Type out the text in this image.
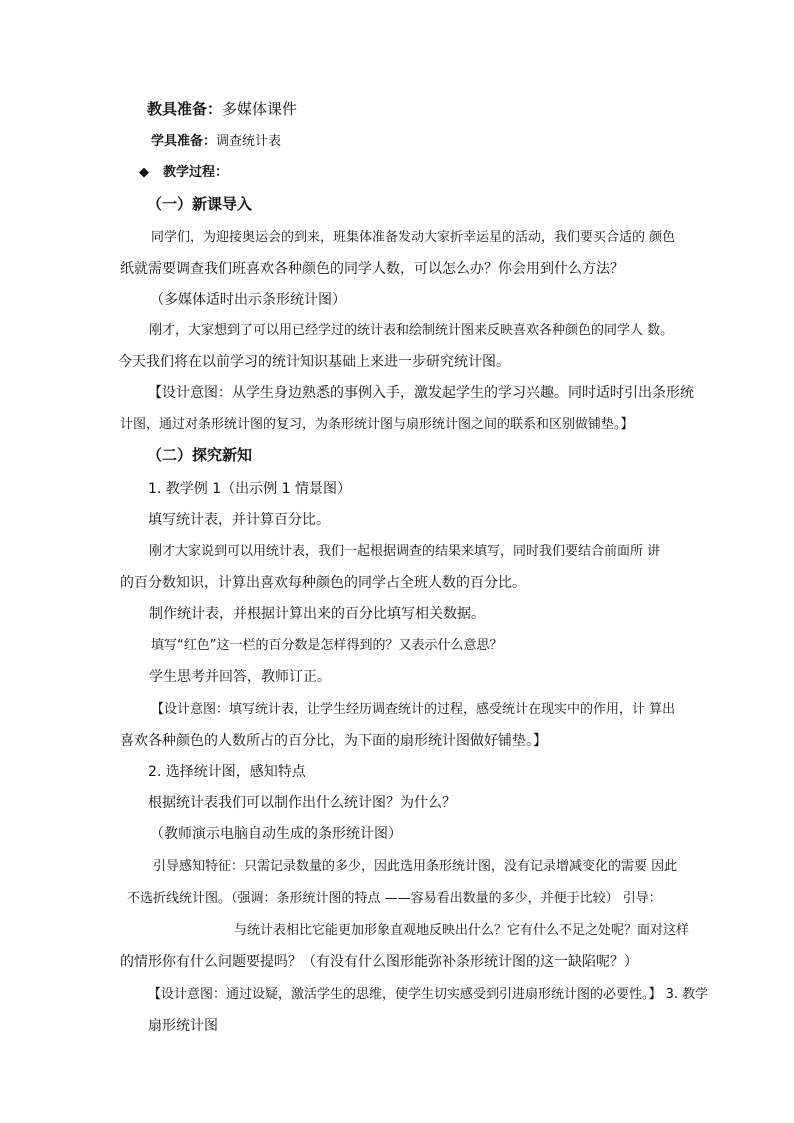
教具准备：多媒体课件
学具准备：调查统计表
◆ 教学过程：
（一）新课导入
同学们，为迎接奥运会的到来，班集体准备发动大家折幸运星的活动，我们要买合适的 颜色
纸就需要调查我们班喜欢各种颜色的同学人数，可以怎么办？你会用到什么方法？
（多媒体适时出示条形统计图）
刚才，大家想到了可以用已经学过的统计表和绘制统计图来反映喜欢各种颜色的同学人 数。
今天我们将在以前学习的统计知识基础上来进一步研究统计图。
【设计意图：从学生身边熟悉的事例入手，激发起学生的学习兴趣。同时适时引出条形统
计图，通过对条形统计图的复习，为条形统计图与扇形统计图之间的联系和区别做铺垫。】
（二）探究新知
1. 教学例 1（出示例 1 情景图）
填写统计表，并计算百分比。
刚才大家说到可以用统计表，我们一起根据调查的结果来填写，同时我们要结合前面所 讲
的百分数知识，计算出喜欢每种颜色的同学占全班人数的百分比。
制作统计表，并根据计算出来的百分比填写相关数据。
填写“红色”这一栏的百分数是怎样得到的？又表示什么意思？
学生思考并回答，教师订正。
【设计意图：填写统计表，让学生经历调查统计的过程，感受统计在现实中的作用，计 算出
喜欢各种颜色的人数所占的百分比，为下面的扇形统计图做好铺垫。】
2. 选择统计图，感知特点
根据统计表我们可以制作出什么统计图？为什么？
（教师演示电脑自动生成的条形统计图）
引导感知特征：只需记录数量的多少，因此选用条形统计图，没有记录增减变化的需要 因此
不选折线统计图。（强调：条形统计图的特点 ——容易看出数量的多少，并便于比较） 引导：
与统计表相比它能更加形象直观地反映出什么？它有什么不足之处呢？面对这样
的情形你有什么问题要提吗？（有没有什么图形能弥补条形统计图的这一缺陷呢？）
【设计意图：通过设疑，激活学生的思维，使学生切实感受到引进扇形统计图的必要性。】 3. 教学
扇形统计图
